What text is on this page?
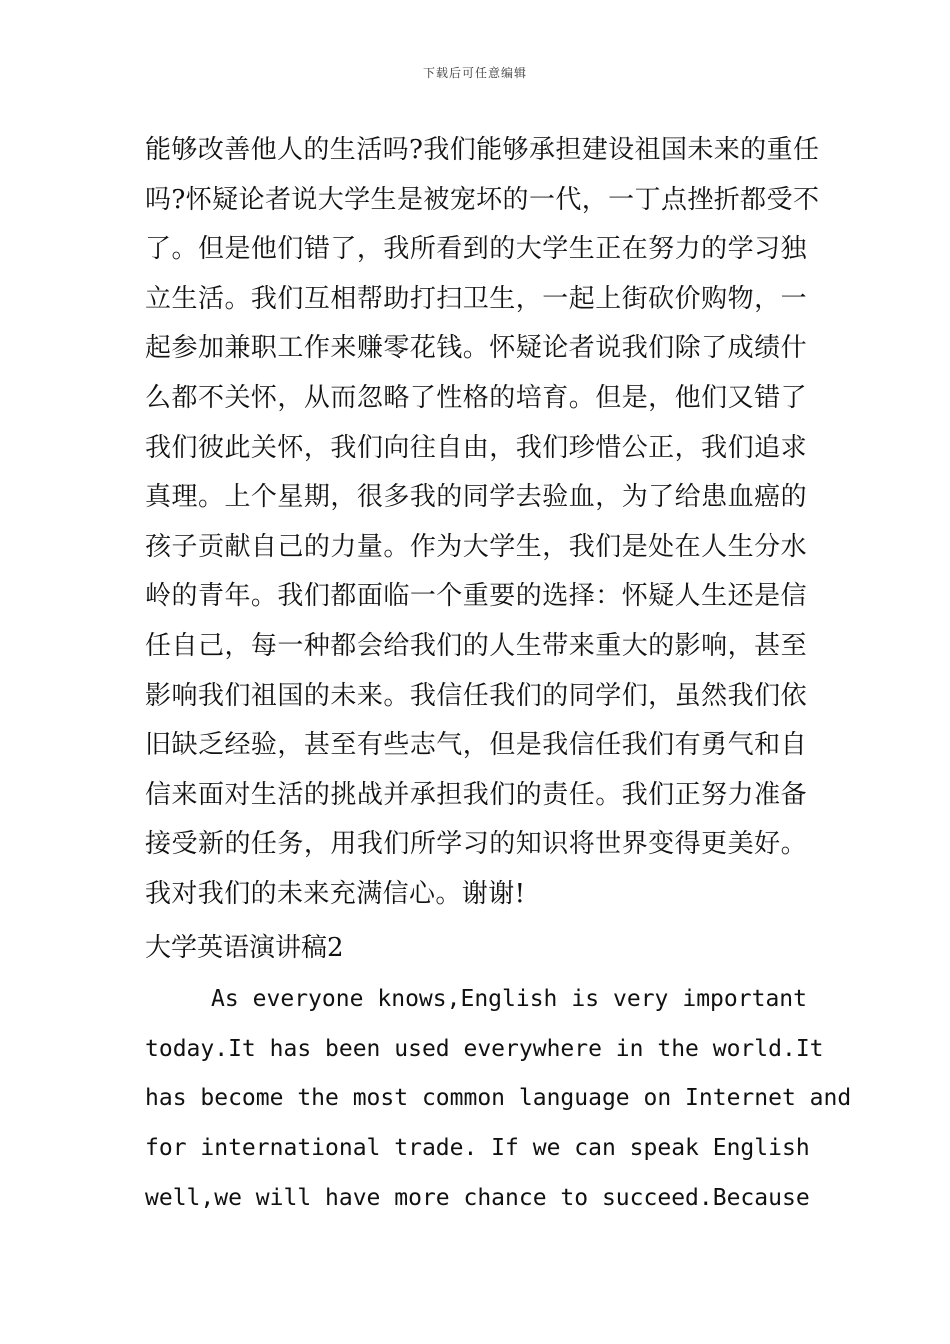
下载后可任意编辑
能够改善他人的生活吗?我们能够承担建设祖国未来的重任
吗?怀疑论者说大学生是被宠坏的一代，一丁点挫折都受不
了。但是他们错了，我所看到的大学生正在努力的学习独
立生活。我们互相帮助打扫卫生，一起上街砍价购物，一
起参加兼职工作来赚零花钱。怀疑论者说我们除了成绩什
么都不关怀，从而忽略了性格的培育。但是，他们又错了
我们彼此关怀，我们向往自由，我们珍惜公正，我们追求
真理。上个星期，很多我的同学去验血，为了给患血癌的
孩子贡献自己的力量。作为大学生，我们是处在人生分水
岭的青年。我们都面临一个重要的选择：怀疑人生还是信
任自己，每一种都会给我们的人生带来重大的影响，甚至
影响我们祖国的未来。我信任我们的同学们，虽然我们依
旧缺乏经验，甚至有些志气，但是我信任我们有勇气和自
信来面对生活的挑战并承担我们的责任。我们正努力准备
接受新的任务，用我们所学习的知识将世界变得更美好。
我对我们的未来充满信心。谢谢!
大学英语演讲稿2
As everyone knows,English is very important
today.It has been used everywhere in the world.It
has become the most common language on Internet and
for international trade. If we can speak English
well,we will have more chance to succeed.Because
